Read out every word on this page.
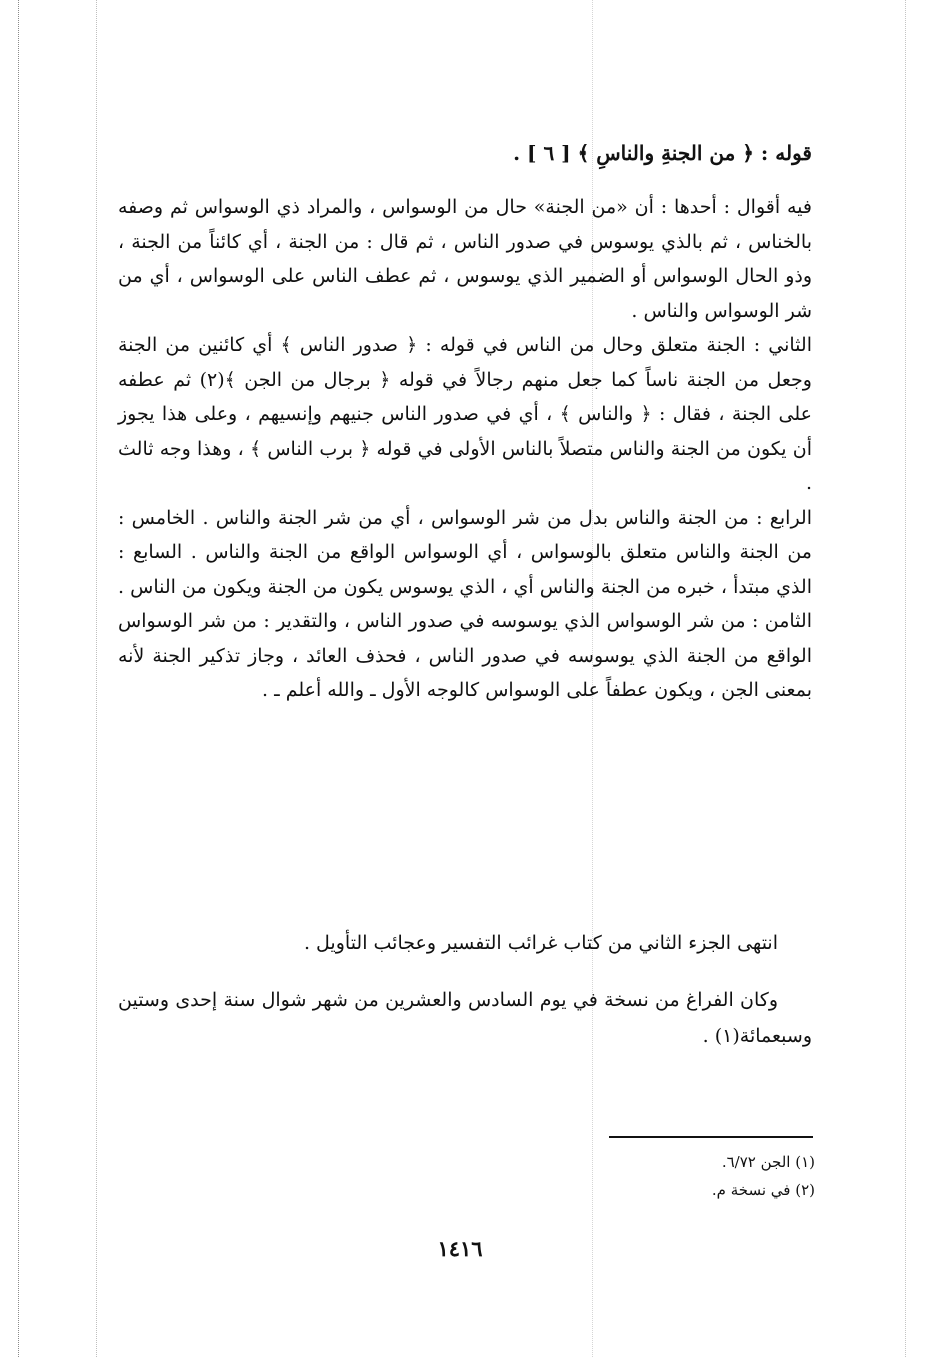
قوله : ﴿ من الجنةِ والناسِ ﴾ [ ٦ ] .

فيه أقوال : أحدها : أن «من الجنة» حال من الوسواس ، والمراد ذي الوسواس ثم وصفه بالخناس ، ثم بالذي يوسوس في صدور الناس ، ثم قال : من الجنة ، أي كائناً من الجنة ، وذو الحال الوسواس أو الضمير الذي يوسوس ، ثم عطف الناس على الوسواس ، أي من شر الوسواس والناس .

الثاني : الجنة متعلق وحال من الناس في قوله : ﴿ صدور الناس ﴾ أي كائنين من الجنة وجعل من الجنة ناساً كما جعل منهم رجالاً في قوله ﴿ برجال من الجن ﴾(٢) ثم عطفه على الجنة ، فقال : ﴿ والناس ﴾ ، أي في صدور الناس جنيهم وإنسيهم ، وعلى هذا يجوز أن يكون من الجنة والناس متصلاً بالناس الأولى في قوله ﴿ برب الناس ﴾ ، وهذا وجه ثالث .

الرابع : من الجنة والناس بدل من شر الوسواس ، أي من شر الجنة والناس . الخامس : من الجنة والناس متعلق بالوسواس ، أي الوسواس الواقع من الجنة والناس . السابع : الذي مبتدأ ، خبره من الجنة والناس أي ، الذي يوسوس يكون من الجنة ويكون من الناس . الثامن : من شر الوسواس الذي يوسوسه في صدور الناس ، والتقدير : من شر الوسواس الواقع من الجنة الذي يوسوسه في صدور الناس ، فحذف العائد ، وجاز تذكير الجنة لأنه بمعنى الجن ، ويكون عطفاً على الوسواس كالوجه الأول ـ والله أعلم ـ .

انتهى الجزء الثاني من كتاب غرائب التفسير وعجائب التأويل .
وكان الفراغ من نسخة في يوم السادس والعشرين من شهر شوال سنة إحدى وستين وسبعمائة(١) .
(١) الجن ٦/٧٢.
(٢) في نسخة م.
١٤١٦
